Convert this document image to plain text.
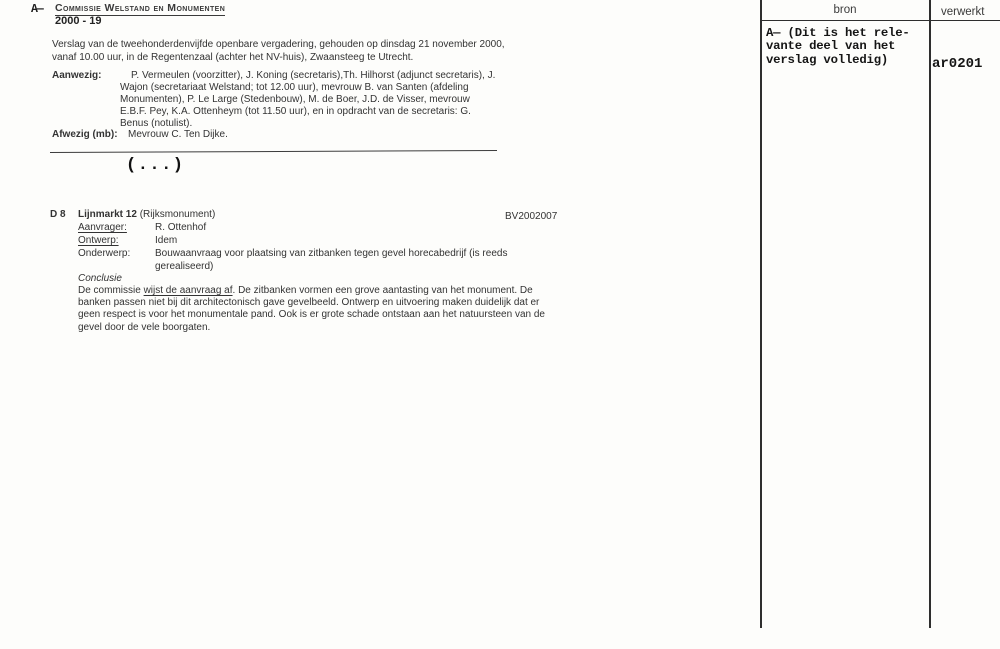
A— Commissie Welstand en Monumenten
2000 - 19
Verslag van de tweehonderdenvijfde openbare vergadering, gehouden op dinsdag 21 november 2000,
vanaf 10.00 uur, in de Regentenzaal (achter het NV-huis), Zwaansteeg te Utrecht.
Aanwezig:	P. Vermeulen (voorzitter), J. Koning (secretaris),Th. Hilhorst (adjunct secretaris), J.
Wajon (secretariaat Welstand; tot 12.00 uur), mevrouw B. van Santen (afdeling
Monumenten), P. Le Large (Stedenbouw), M. de Boer, J.D. de Visser, mevrouw
E.B.F. Pey, K.A. Ottenheym (tot 11.50 uur), en in opdracht van de secretaris: G.
Benus (notulist).
Afwezig (mb): Mevrouw C. Ten Dijke.
(...)
D 8 Lijnmarkt 12 (Rijksmonument)	BV2002007
Aanvrager:	R. Ottenhof
Ontwerp:	Idem
Onderwerp: Bouwaanvraag voor plaatsing van zitbanken tegen gevel horecabedrijf (is reeds
gerealiseerd)
Conclusie
De commissie wijst de aanvraag af. De zitbanken vormen een grove aantasting van het monument. De banken passen niet bij dit architectonisch gave gevelbeeld. Ontwerp en uitvoering maken duidelijk dat er geen respect is voor het monumentale pand. Ook is er grote schade ontstaan aan het natuursteen van de gevel door de vele boorgaten.
bron	verwerkt
A— (Dit is het rele-
vante deel van het
verslag volledig)	ar0201
